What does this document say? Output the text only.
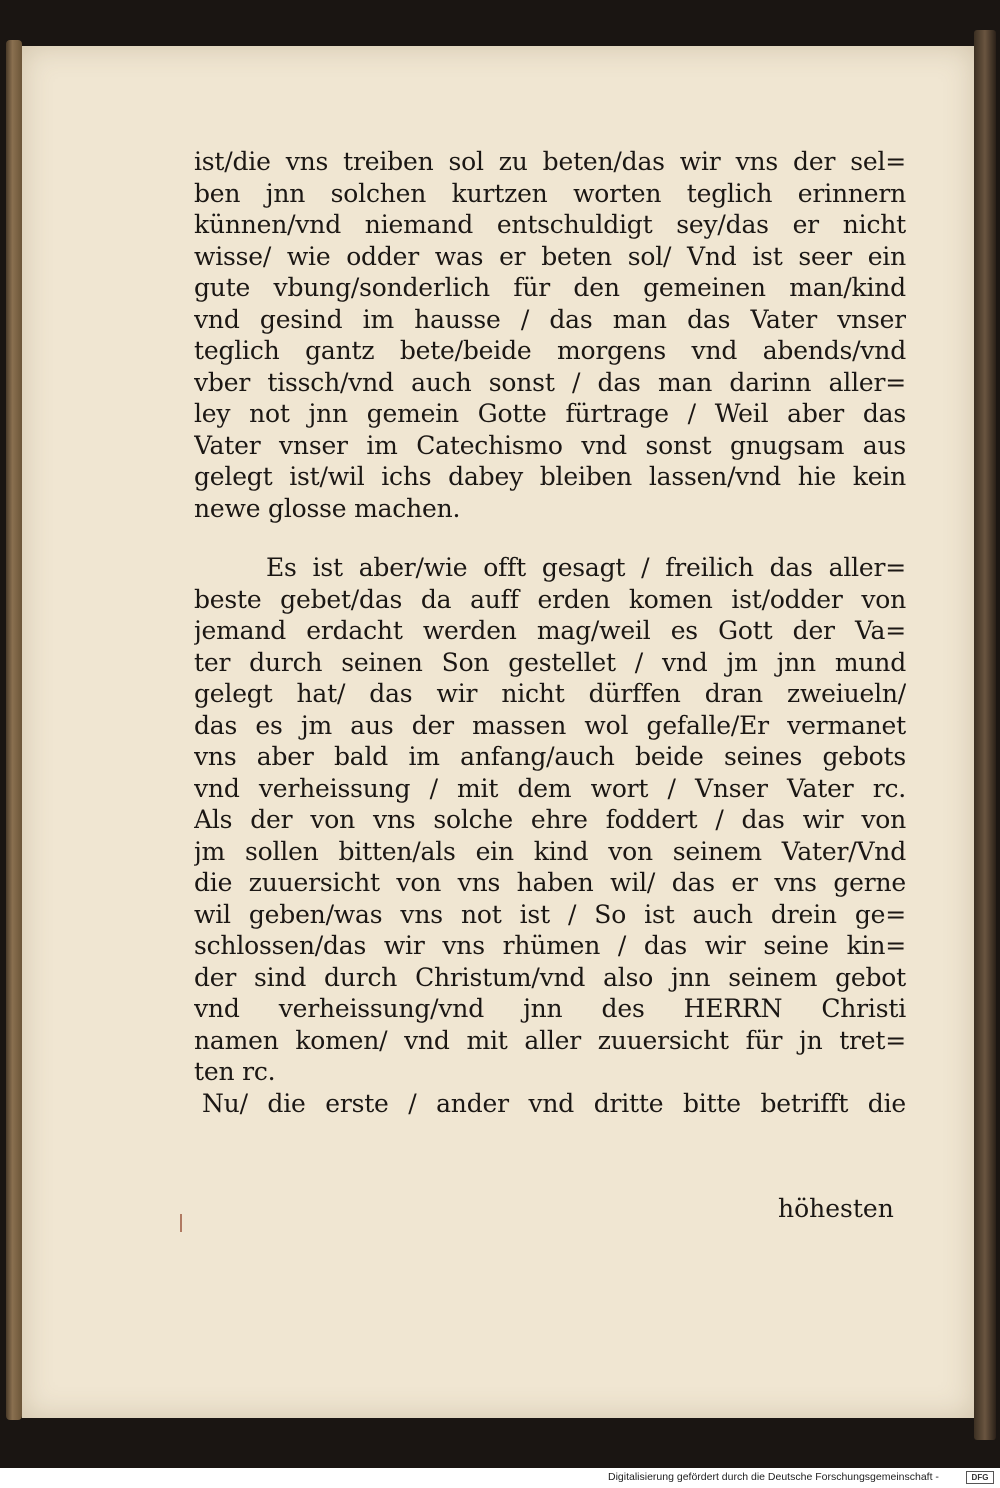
ist/die vns treiben sol zu beten/das wir vns der sel=
ben jnn solchen kurtzen worten teglich erinnern
künnen/vnd niemand entschuldigt sey/das er nicht
wisse/ wie odder was er beten sol/ Vnd ist seer ein
gute vbung/sonderlich für den gemeinen man/kind
vnd gesind im hausse / das man das Vater vnser
teglich gantz bete/beide morgens vnd abends/vnd
vber tissch/vnd auch sonst / das man darinn aller=
ley not jnn gemein Gotte fürtrage / Weil aber das
Vater vnser im Catechismo vnd sonst gnugsam aus
gelegt ist/wil ichs dabey bleiben lassen/vnd hie kein
newe glosse machen.
Es ist aber/wie offt gesagt / freilich das aller=
beste gebet/das da auff erden komen ist/odder von
jemand erdacht werden mag/weil es Gott der Va=
ter durch seinen Son gestellet / vnd jm jnn mund
gelegt hat/ das wir nicht dürffen dran zweiueln/
das es jm aus der massen wol gefalle/Er vermanet
vns aber bald im anfang/auch beide seines gebots
vnd verheissung / mit dem wort / Vnser Vater rc.
Als der von vns solche ehre foddert / das wir von
jm sollen bitten/als ein kind von seinem Vater/Vnd
die zuuersicht von vns haben wil/ das er vns gerne
wil geben/was vns not ist / So ist auch drein ge=
schlossen/das wir vns rhümen / das wir seine kin=
der sind durch Christum/vnd also jnn seinem gebot
vnd verheissung/vnd jnn des HERRN Christi
namen komen/ vnd mit aller zuuersicht für jn tret=
ten rc.
Nu/ die erste / ander vnd dritte bitte betrifft die
höhesten
Digitalisierung gefördert durch die Deutsche Forschungsgemeinschaft -	DFG
